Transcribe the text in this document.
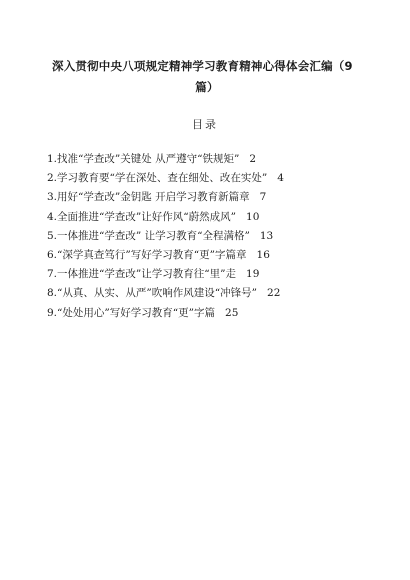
深入贯彻中央八项规定精神学习教育精神心得体会汇编（9
篇）
目录
1.找准“学查改”关键处 从严遵守“铁规矩” 2
2.学习教育要“学在深处、查在细处、改在实处” 4
3.用好“学查改”金钥匙 开启学习教育新篇章 7
4.全面推进“学查改”让好作风“蔚然成风” 10
5.一体推进“学查改” 让学习教育“全程满格” 13
6.“深学真查笃行”写好学习教育“更”字篇章 16
7.一体推进“学查改”让学习教育往“里”走 19
8.“从真、从实、从严”吹响作风建设“冲锋号” 22
9.“处处用心”写好学习教育“更”字篇 25
